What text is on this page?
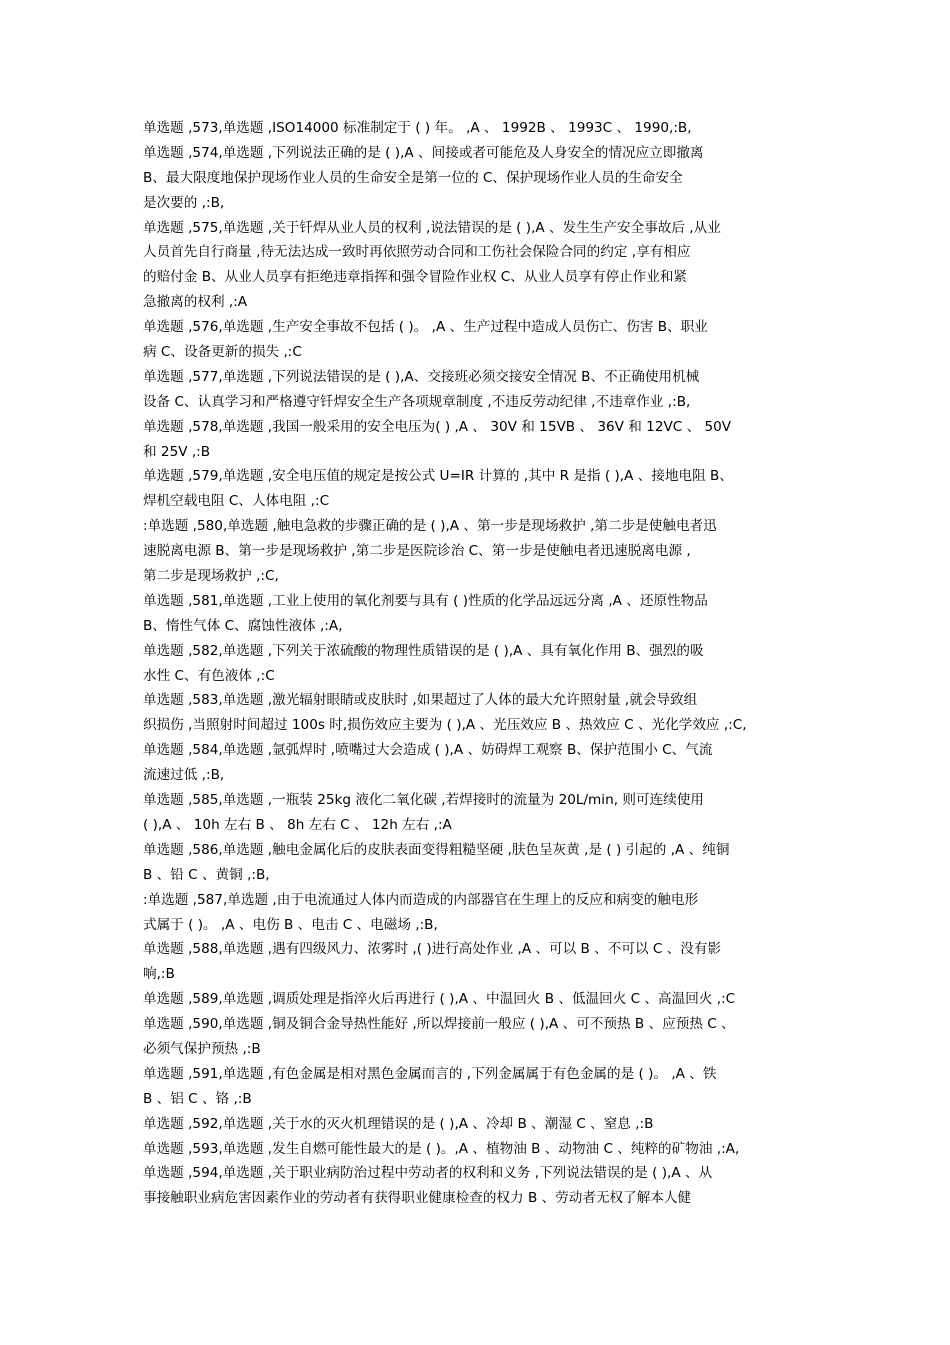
单选题 ,573,单选题 ,ISO14000 标准制定于 ( ) 年。 ,A 、 1992B 、 1993C 、 1990,:B,
单选题 ,574,单选题 ,下列说法正确的是 ( ),A 、间接或者可能危及人身安全的情况应立即撤离
B、最大限度地保护现场作业人员的生命安全是第一位的 C、保护现场作业人员的生命安全
是次要的 ,:B,
单选题 ,575,单选题 ,关于钎焊从业人员的权利 ,说法错误的是 ( ),A 、发生生产安全事故后 ,从业
人员首先自行商量 ,待无法达成一致时再依照劳动合同和工伤社会保险合同的约定 ,享有相应
的赔付金 B、从业人员享有拒绝违章指挥和强令冒险作业权 C、从业人员享有停止作业和紧
急撤离的权利 ,:A
单选题 ,576,单选题 ,生产安全事故不包括 ( )。 ,A 、生产过程中造成人员伤亡、伤害 B、职业
病 C、设备更新的损失 ,:C
单选题 ,577,单选题 ,下列说法错误的是 ( ),A、交接班必须交接安全情况 B、不正确使用机械
设备 C、认真学习和严格遵守钎焊安全生产各项规章制度 ,不违反劳动纪律 ,不违章作业 ,:B,
单选题 ,578,单选题 ,我国一般采用的安全电压为( ) ,A 、 30V 和 15VB 、 36V 和 12VC 、 50V
和 25V ,:B
单选题 ,579,单选题 ,安全电压值的规定是按公式 U=IR 计算的 ,其中 R 是指 ( ),A 、接地电阻 B、
焊机空载电阻 C、人体电阻 ,:C
:单选题 ,580,单选题 ,触电急救的步骤正确的是 ( ),A 、第一步是现场救护 ,第二步是使触电者迅
速脱离电源 B、第一步是现场救护 ,第二步是医院诊治 C、第一步是使触电者迅速脱离电源 ,
第二步是现场救护 ,:C,
单选题 ,581,单选题 ,工业上使用的氧化剂要与具有 ( )性质的化学品远远分离 ,A 、还原性物品
B、惰性气体 C、腐蚀性液体 ,:A,
单选题 ,582,单选题 ,下列关于浓硫酸的物理性质错误的是 ( ),A 、具有氧化作用 B、强烈的吸
水性 C、有色液体 ,:C
单选题 ,583,单选题 ,激光辐射眼睛或皮肤时 ,如果超过了人体的最大允许照射量 ,就会导致组
织损伤 ,当照射时间超过 100s 时,损伤效应主要为 ( ),A 、光压效应 B 、热效应 C 、光化学效应 ,:C,
单选题 ,584,单选题 ,氩弧焊时 ,喷嘴过大会造成 ( ),A 、妨碍焊工观察 B、保护范围小 C、气流
流速过低 ,:B,
单选题 ,585,单选题 ,一瓶装 25kg 液化二氧化碳 ,若焊接时的流量为 20L/min, 则可连续使用
( ),A 、 10h 左右 B 、 8h 左右 C 、 12h 左右 ,:A
单选题 ,586,单选题 ,触电金属化后的皮肤表面变得粗糙坚硬 ,肤色呈灰黄 ,是 ( ) 引起的 ,A 、纯铜
B 、铅 C 、黄铜 ,:B,
:单选题 ,587,单选题 ,由于电流通过人体内而造成的内部器官在生理上的反应和病变的触电形
式属于 ( )。 ,A 、电伤 B 、电击 C 、电磁场 ,:B,
单选题 ,588,单选题 ,遇有四级风力、浓雾时 ,( )进行高处作业 ,A 、可以 B 、不可以 C 、没有影
响,:B
单选题 ,589,单选题 ,调质处理是指淬火后再进行 ( ),A 、中温回火 B 、低温回火 C 、高温回火 ,:C
单选题 ,590,单选题 ,铜及铜合金导热性能好 ,所以焊接前一般应 ( ),A 、可不预热 B 、应预热 C 、
必须气保护预热 ,:B
单选题 ,591,单选题 ,有色金属是相对黑色金属而言的 ,下列金属属于有色金属的是 ( )。 ,A 、铁
B 、铝 C 、铬 ,:B
单选题 ,592,单选题 ,关于水的灭火机理错误的是 ( ),A 、冷却 B 、潮湿 C 、窒息 ,:B
单选题 ,593,单选题 ,发生自燃可能性最大的是 ( )。,A 、植物油 B 、动物油 C 、纯粹的矿物油 ,:A,
单选题 ,594,单选题 ,关于职业病防治过程中劳动者的权利和义务 ,下列说法错误的是 ( ),A 、从
事接触职业病危害因素作业的劳动者有获得职业健康检查的权力 B 、劳动者无权了解本人健
